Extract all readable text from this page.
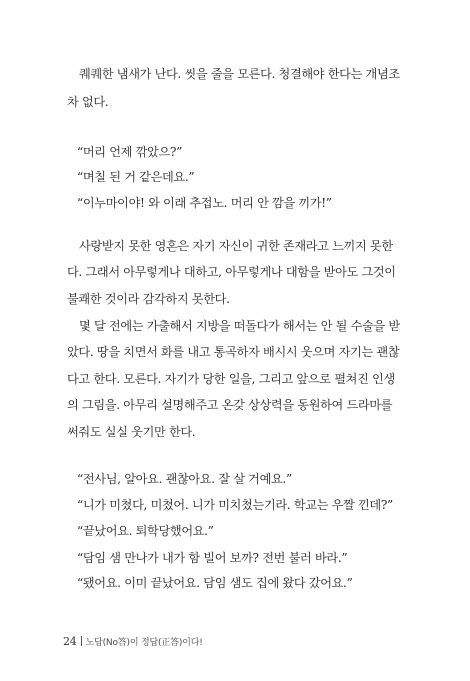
퀘퀘한 냄새가 난다. 씻을 줄을 모른다. 청결해야 한다는 개념조
차 없다.
“머리 언제 깎았으?”
“며칠 된 거 같은데요.”
“이누마이야! 와 이래 추접노. 머리 안 깜을 끼가!”
사랑받지 못한 영혼은 자기 자신이 귀한 존재라고 느끼지 못한
다. 그래서 아무렇게나 대하고, 아무렇게나 대함을 받아도 그것이
불쾌한 것이라 감각하지 못한다.
몇 달 전에는 가출해서 지방을 떠돌다가 해서는 안 될 수술을 받
았다. 땅을 치면서 화를 내고 통곡하자 배시시 웃으며 자기는 괜찮
다고 한다. 모른다. 자기가 당한 일을, 그리고 앞으로 펼쳐진 인생
의 그림을. 아무리 설명해주고 온갖 상상력을 동원하여 드라마를
써줘도 실실 웃기만 한다.
“전사님, 알아요. 괜찮아요. 잘 살 거예요.”
“니가 미쳤다, 미쳤어. 니가 미치쳤는기라. 학교는 우짤 낀데?”
“끝났어요. 퇴학당했어요.”
“담임 샘 만나가 내가 함 빌어 보까? 전번 불러 바라.”
“됐어요. 이미 끝났어요. 담임 샘도 집에 왔다 갔어요.”
24 노답(No答)이 정답(正答)이다!
